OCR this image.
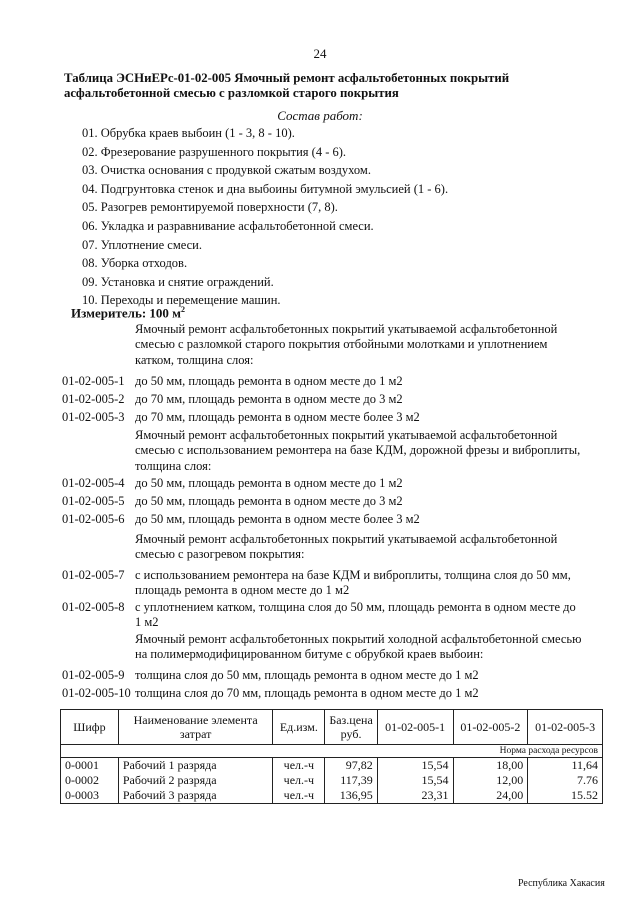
24
Таблица ЭСНиЕРс-01-02-005 Ямочный ремонт асфальтобетонных покрытий
асфальтобетонной смесью с разломкой старого покрытия
Состав работ:
01. Обрубка краев выбоин (1 - 3, 8 - 10).
02. Фрезерование разрушенного покрытия (4 - 6).
03. Очистка основания с продувкой сжатым воздухом.
04. Подгрунтовка стенок и дна выбоины битумной эмульсией (1 - 6).
05. Разогрев ремонтируемой поверхности (7, 8).
06. Укладка и разравнивание асфальтобетонной смеси.
07. Уплотнение смеси.
08. Уборка отходов.
09. Установка и снятие ограждений.
10. Переходы и перемещение машин.
Измеритель: 100 $м^2$
Ямочный ремонт асфальтобетонных покрытий укатываемой асфальтобетонной
смесью с разломкой старого покрытия отбойными молотками и уплотнением
катком, толщина слоя:
01-02-005-1 до 50 мм, площадь ремонта в одном месте до 1 м2
01-02-005-2 до 70 мм, площадь ремонта в одном месте до 3 м2
01-02-005-3 до 70 мм, площадь ремонта в одном месте более 3 м2
Ямочный ремонт асфальтобетонных покрытий укатываемой асфальтобетонной
смесью с использованием ремонтера на базе КДМ, дорожной фрезы и виброплиты,
толщина слоя:
01-02-005-4 до 50 мм, площадь ремонта в одном месте до 1 м2
01-02-005-5 до 50 мм, площадь ремонта в одном месте до 3 м2
01-02-005-6 до 50 мм, площадь ремонта в одном месте более 3 м2
Ямочный ремонт асфальтобетонных покрытий укатываемой асфальтобетонной
смесью с разогревом покрытия:
01-02-005-7 с использованием ремонтера на базе КДМ и виброплиты, толщина слоя до 50 мм,
площадь ремонта в одном месте до 1 м2
01-02-005-8 с уплотнением катком, толщина слоя до 50 мм, площадь ремонта в одном месте до
1 м2
Ямочный ремонт асфальтобетонных покрытий холодной асфальтобетонной смесью
на полимермодифицированном битуме с обрубкой краев выбоин:
01-02-005-9 толщина слоя до 50 мм, площадь ремонта в одном месте до 1 м2
01-02-005-10 толщина слоя до 70 мм, площадь ремонта в одном месте до 1 м2
Шифр	Наименование элемента затрат	Ед.изм.	Баз.цена руб.	01-02-005-1	01-02-005-2	01-02-005-3
Норма расхода ресурсов						
0-0001	Рабочий 1 разряда	чел.-ч	97,82	15,54	18,00	11,64
0-0002	Рабочий 2 разряда	чел.-ч	117,39	15,54	12,00	7.76
0-0003	Рабочий 3 разряда	чел.-ч	136,95	23,31	24,00	15.52
Республика Хакасия
